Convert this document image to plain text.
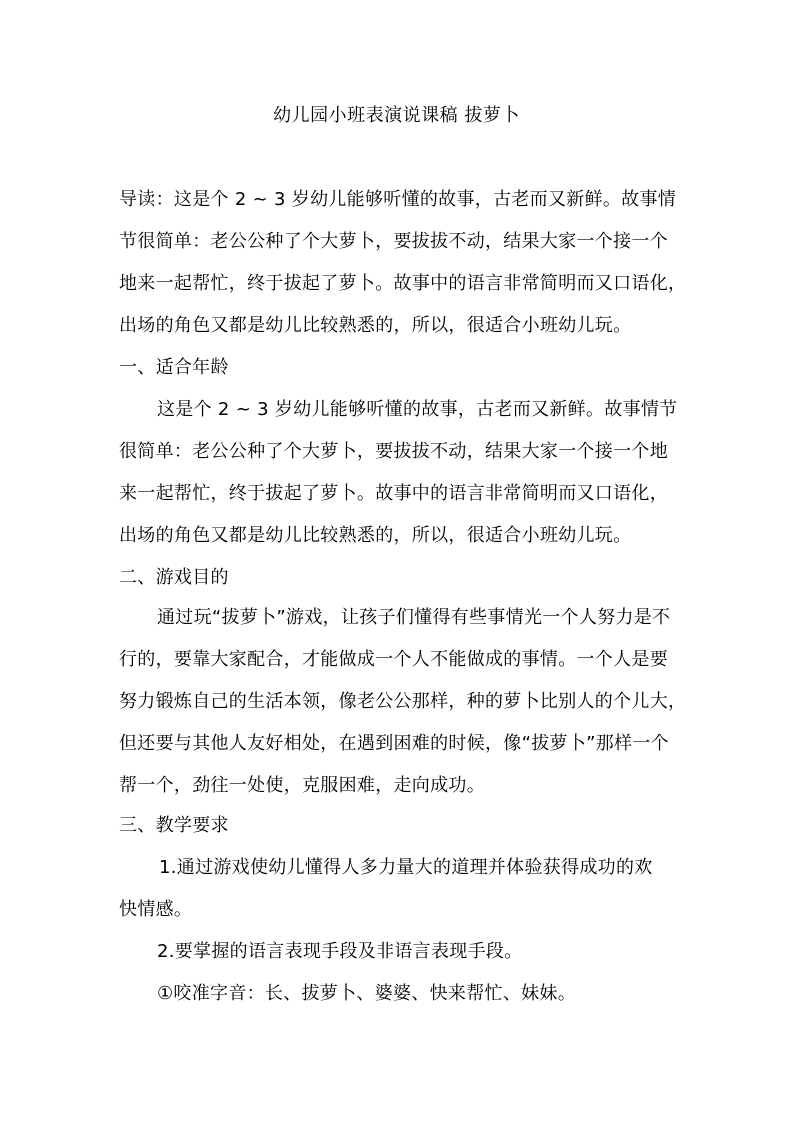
幼儿园小班表演说课稿 拔萝卜
导读：这是个 2 ~ 3 岁幼儿能够听懂的故事，古老而又新鲜。故事情
节很简单：老公公种了个大萝卜，要拔拔不动，结果大家一个接一个
地来一起帮忙，终于拔起了萝卜。故事中的语言非常简明而又口语化，
出场的角色又都是幼儿比较熟悉的，所以，很适合小班幼儿玩。
一、适合年龄
这是个 2 ~ 3 岁幼儿能够听懂的故事，古老而又新鲜。故事情节
很简单：老公公种了个大萝卜，要拔拔不动，结果大家一个接一个地
来一起帮忙，终于拔起了萝卜。故事中的语言非常简明而又口语化，
出场的角色又都是幼儿比较熟悉的，所以，很适合小班幼儿玩。
二、游戏目的
通过玩“拔萝卜”游戏，让孩子们懂得有些事情光一个人努力是不
行的，要靠大家配合，才能做成一个人不能做成的事情。一个人是要
努力锻炼自己的生活本领，像老公公那样，种的萝卜比别人的个儿大，
但还要与其他人友好相处，在遇到困难的时候，像“拔萝卜”那样一个
帮一个，劲往一处使，克服困难，走向成功。
三、教学要求
1.通过游戏使幼儿懂得人多力量大的道理并体验获得成功的欢
快情感。
2.要掌握的语言表现手段及非语言表现手段。
①咬准字音：长、拔萝卜、婆婆、快来帮忙、妹妹。
